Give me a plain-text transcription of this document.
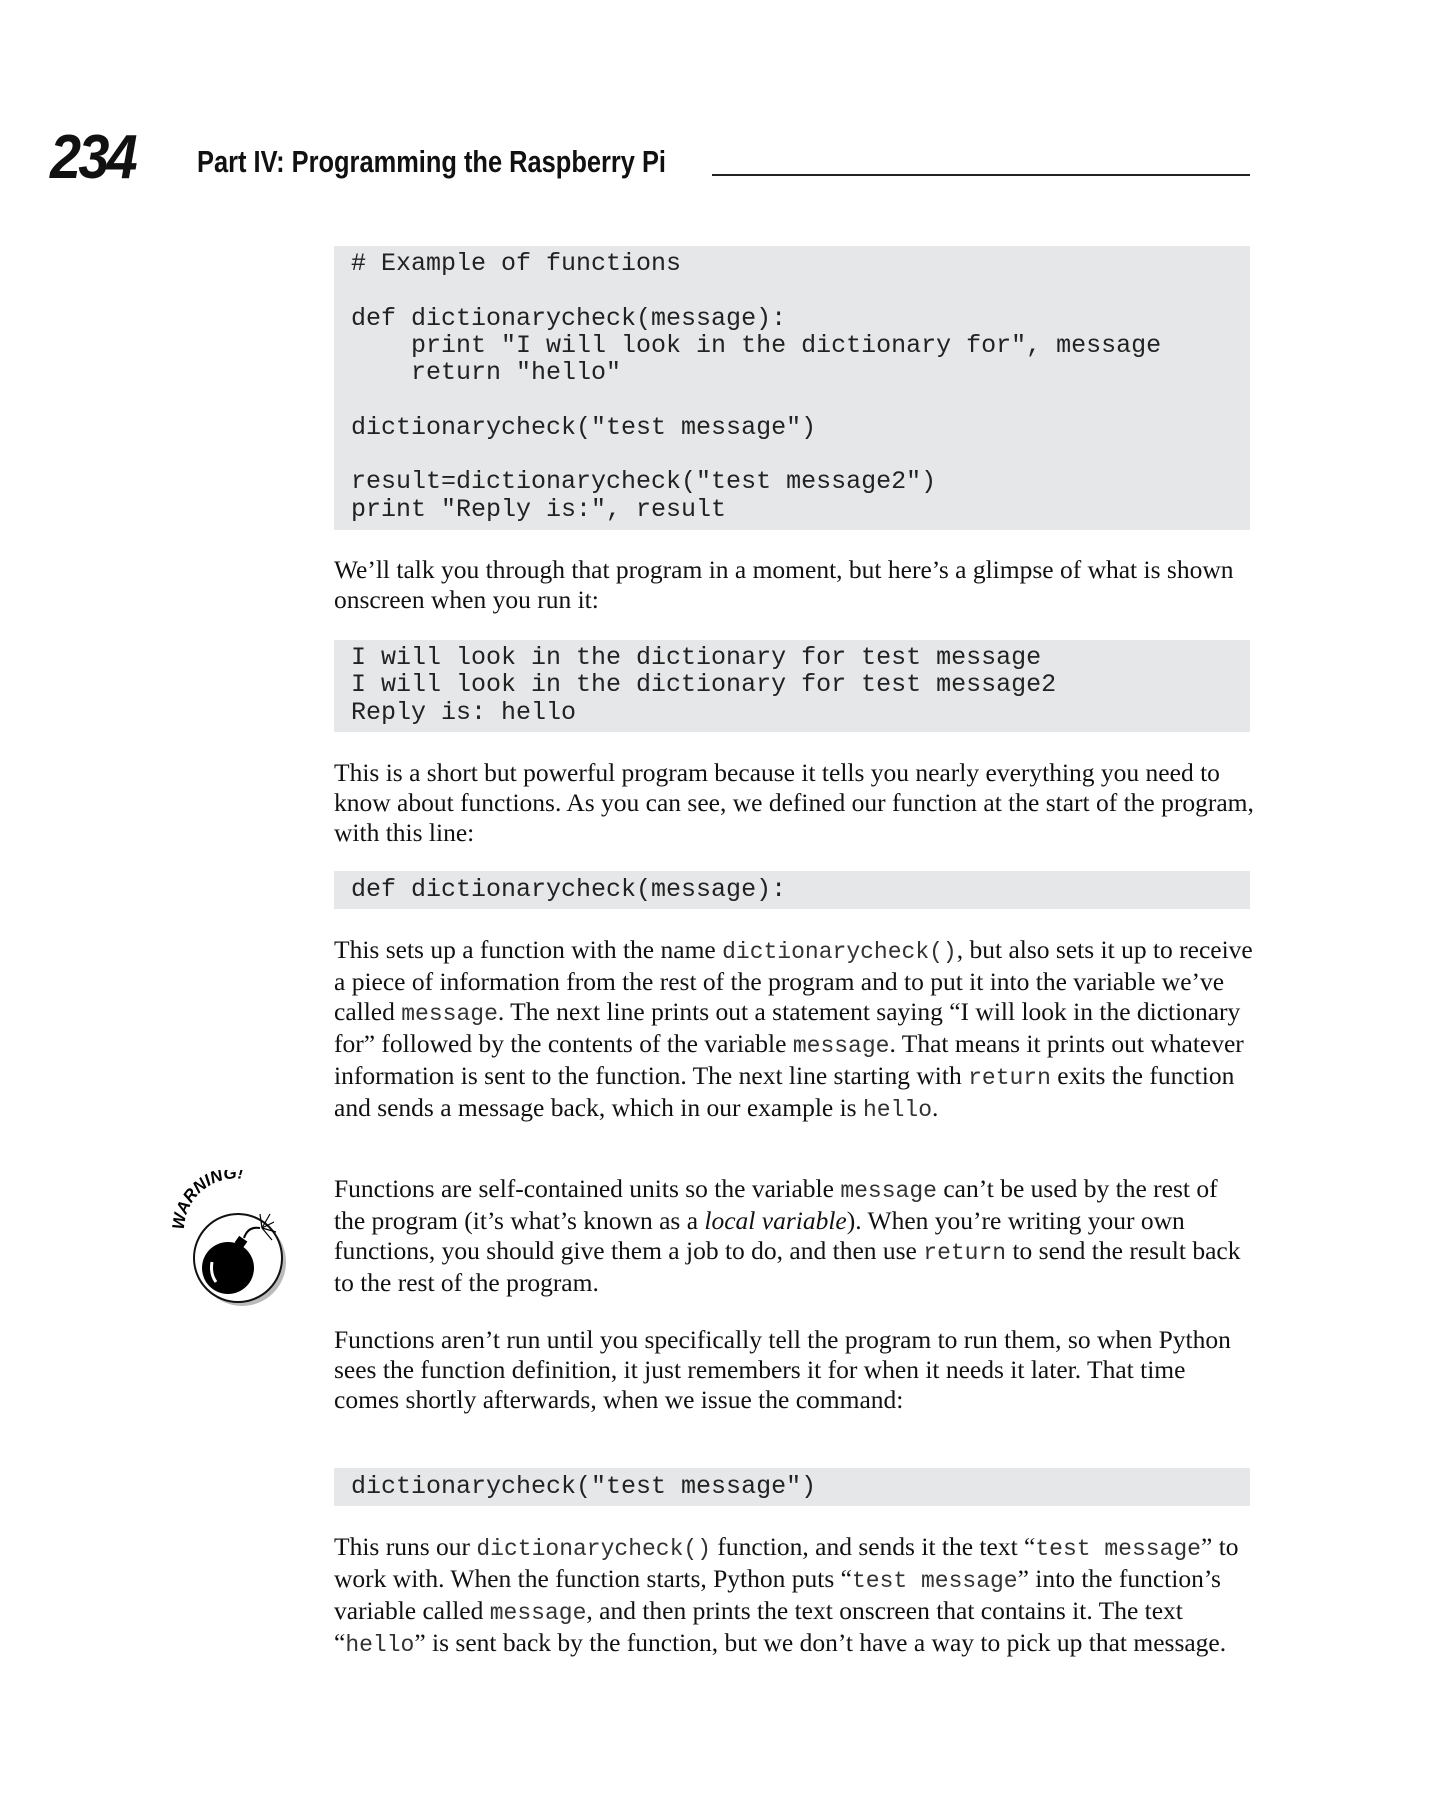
234 Part IV: Programming the Raspberry Pi
# Example of functions
def dictionarycheck(message):
print "I will look in the dictionary for", message
return "hello"
dictionarycheck("test message")
result=dictionarycheck("test message2")
print "Reply is:", result
We’ll talk you through that program in a moment, but here’s a glimpse of what is shown onscreen when you run it:
I will look in the dictionary for test message
I will look in the dictionary for test message2
Reply is: hello
This is a short but powerful program because it tells you nearly everything you need to know about functions. As you can see, we defined our function at the start of the program, with this line:
def dictionarycheck(message):
This sets up a function with the name dictionarycheck(), but also sets it up to receive a piece of information from the rest of the program and to put it into the variable we’ve called message. The next line prints out a statement saying “I will look in the dictionary for” followed by the contents of the variable message. That means it prints out whatever information is sent to the function. The next line starting with return exits the function and sends a message back, which in our example is hello.
WARNING!
Functions are self-contained units so the variable message can’t be used by the rest of the program (it’s what’s known as a local variable). When you’re writing your own functions, you should give them a job to do, and then use return to send the result back to the rest of the program.
Functions aren’t run until you specifically tell the program to run them, so when Python sees the function definition, it just remembers it for when it needs it later. That time comes shortly afterwards, when we issue the command:
dictionarycheck("test message")
This runs our dictionarycheck() function, and sends it the text “test message” to work with. When the function starts, Python puts “test message” into the function’s variable called message, and then prints the text onscreen that contains it. The text “hello” is sent back by the function, but we don’t have a way to pick up that message.
